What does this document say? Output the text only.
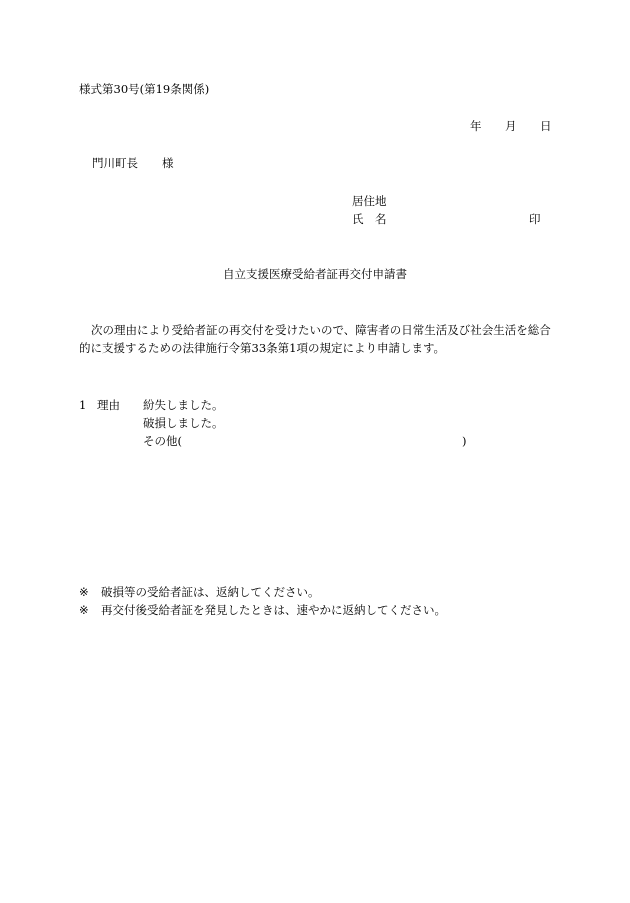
様式第30号(第19条関係)

年 月 日

門川町長 様

居住地
氏　名	印
自立支援医療受給者証再交付申請書

次の理由により受給者証の再交付を受けたいので、障害者の日常生活及び社会生活を総合的に支援するための法律施行令第33条第1項の規定により申請します。

1 理由 紛失しました。
破損しました。
その他(	)

※ 破損等の受給者証は、返納してください。

※ 再交付後受給者証を発見したときは、速やかに返納してください。
